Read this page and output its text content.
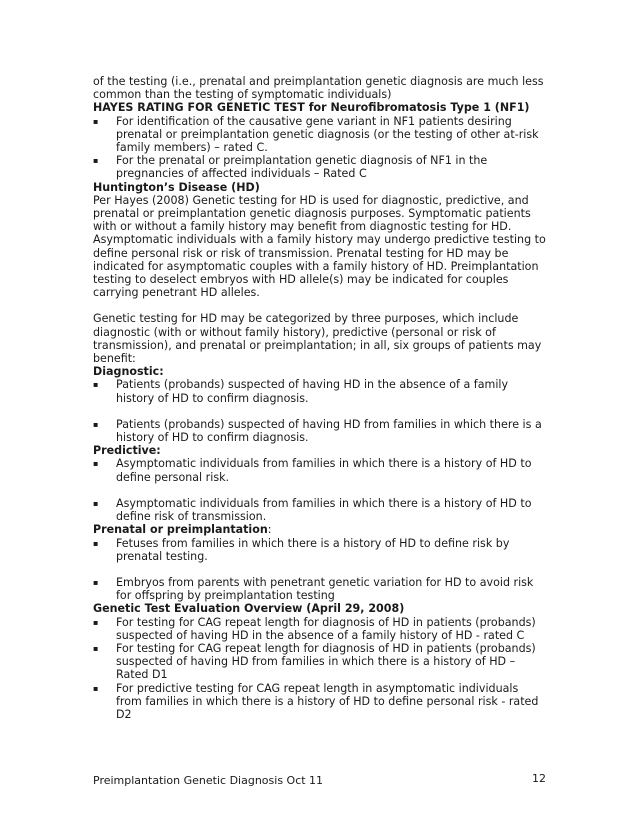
of the testing (i.e., prenatal and preimplantation genetic diagnosis are much less common than the testing of symptomatic individuals)

HAYES RATING FOR GENETIC TEST for Neurofibromatosis Type 1 (NF1)

▪ For identification of the causative gene variant in NF1 patients desiring prenatal or preimplantation genetic diagnosis (or the testing of other at-risk family members) – rated C.
▪ For the prenatal or preimplantation genetic diagnosis of NF1 in the pregnancies of affected individuals – Rated C

Huntington’s Disease (HD)

Per Hayes (2008) Genetic testing for HD is used for diagnostic, predictive, and prenatal or preimplantation genetic diagnosis purposes. Symptomatic patients with or without a family history may benefit from diagnostic testing for HD. Asymptomatic individuals with a family history may undergo predictive testing to define personal risk or risk of transmission. Prenatal testing for HD may be indicated for asymptomatic couples with a family history of HD. Preimplantation testing to deselect embryos with HD allele(s) may be indicated for couples carrying penetrant HD alleles.

Genetic testing for HD may be categorized by three purposes, which include diagnostic (with or without family history), predictive (personal or risk of transmission), and prenatal or preimplantation; in all, six groups of patients may benefit:

Diagnostic:

▪ Patients (probands) suspected of having HD in the absence of a family history of HD to confirm diagnosis.
▪ Patients (probands) suspected of having HD from families in which there is a history of HD to confirm diagnosis.

Predictive:

▪ Asymptomatic individuals from families in which there is a history of HD to define personal risk.
▪ Asymptomatic individuals from families in which there is a history of HD to define risk of transmission.

Prenatal or preimplantation:

▪ Fetuses from families in which there is a history of HD to define risk by prenatal testing.
▪ Embryos from parents with penetrant genetic variation for HD to avoid risk for offspring by preimplantation testing

Genetic Test Evaluation Overview (April 29, 2008)

▪ For testing for CAG repeat length for diagnosis of HD in patients (probands) suspected of having HD in the absence of a family history of HD - rated C
▪ For testing for CAG repeat length for diagnosis of HD in patients (probands) suspected of having HD from families in which there is a history of HD – Rated D1
▪ For predictive testing for CAG repeat length in asymptomatic individuals from families in which there is a history of HD to define personal risk - rated D2
Preimplantation Genetic Diagnosis Oct 11	12
